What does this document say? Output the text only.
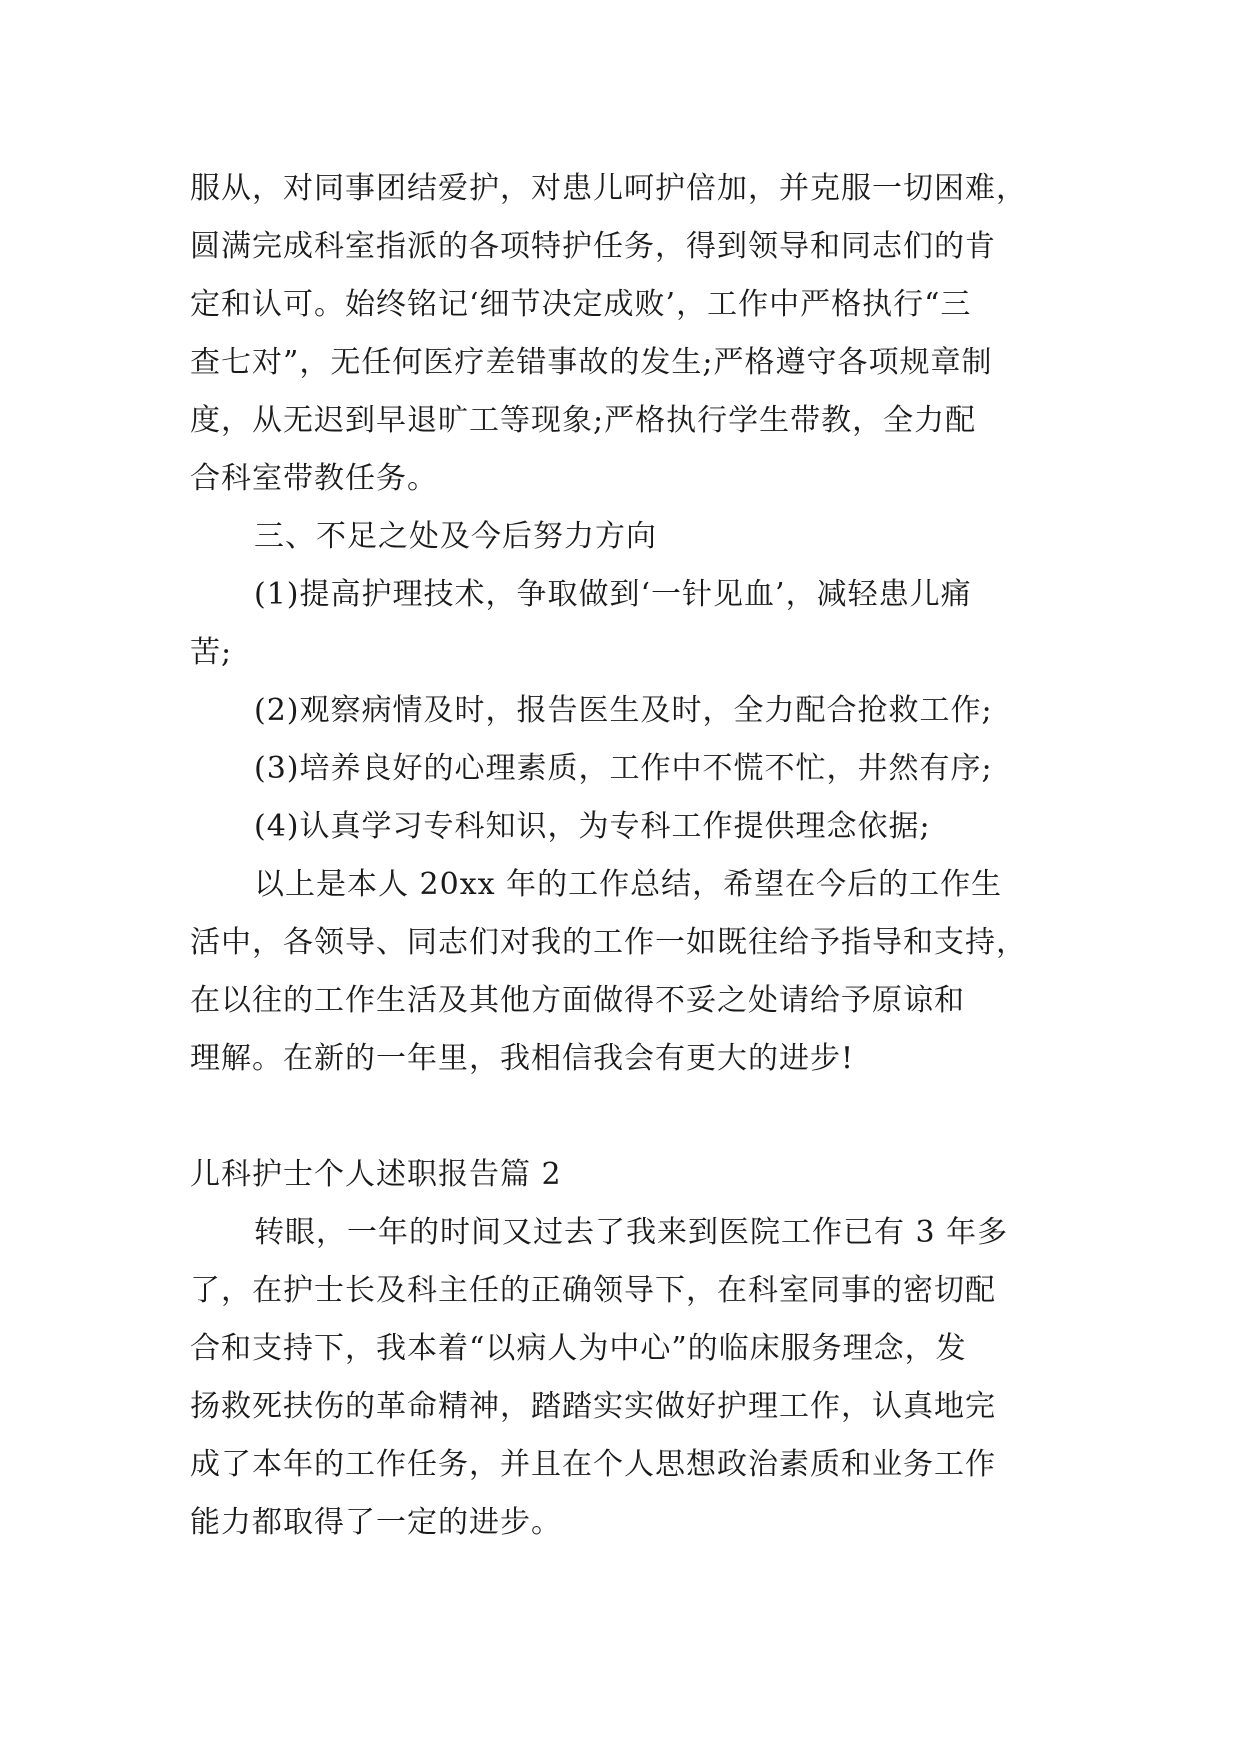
服从，对同事团结爱护，对患儿呵护倍加，并克服一切困难，
圆满完成科室指派的各项特护任务，得到领导和同志们的肯
定和认可。始终铭记‘细节决定成败’，工作中严格执行“三
查七对”，无任何医疗差错事故的发生;严格遵守各项规章制
度，从无迟到早退旷工等现象;严格执行学生带教，全力配
合科室带教任务。
三、不足之处及今后努力方向
(1)提高护理技术，争取做到‘一针见血’，减轻患儿痛
苦;
(2)观察病情及时，报告医生及时，全力配合抢救工作;
(3)培养良好的心理素质，工作中不慌不忙，井然有序;
(4)认真学习专科知识，为专科工作提供理念依据;
以上是本人 20xx 年的工作总结，希望在今后的工作生
活中，各领导、同志们对我的工作一如既往给予指导和支持，
在以往的工作生活及其他方面做得不妥之处请给予原谅和
理解。在新的一年里，我相信我会有更大的进步!
儿科护士个人述职报告篇 2
转眼，一年的时间又过去了我来到医院工作已有 3 年多
了，在护士长及科主任的正确领导下，在科室同事的密切配
合和支持下，我本着“以病人为中心”的临床服务理念，发
扬救死扶伤的革命精神，踏踏实实做好护理工作，认真地完
成了本年的工作任务，并且在个人思想政治素质和业务工作
能力都取得了一定的进步。
